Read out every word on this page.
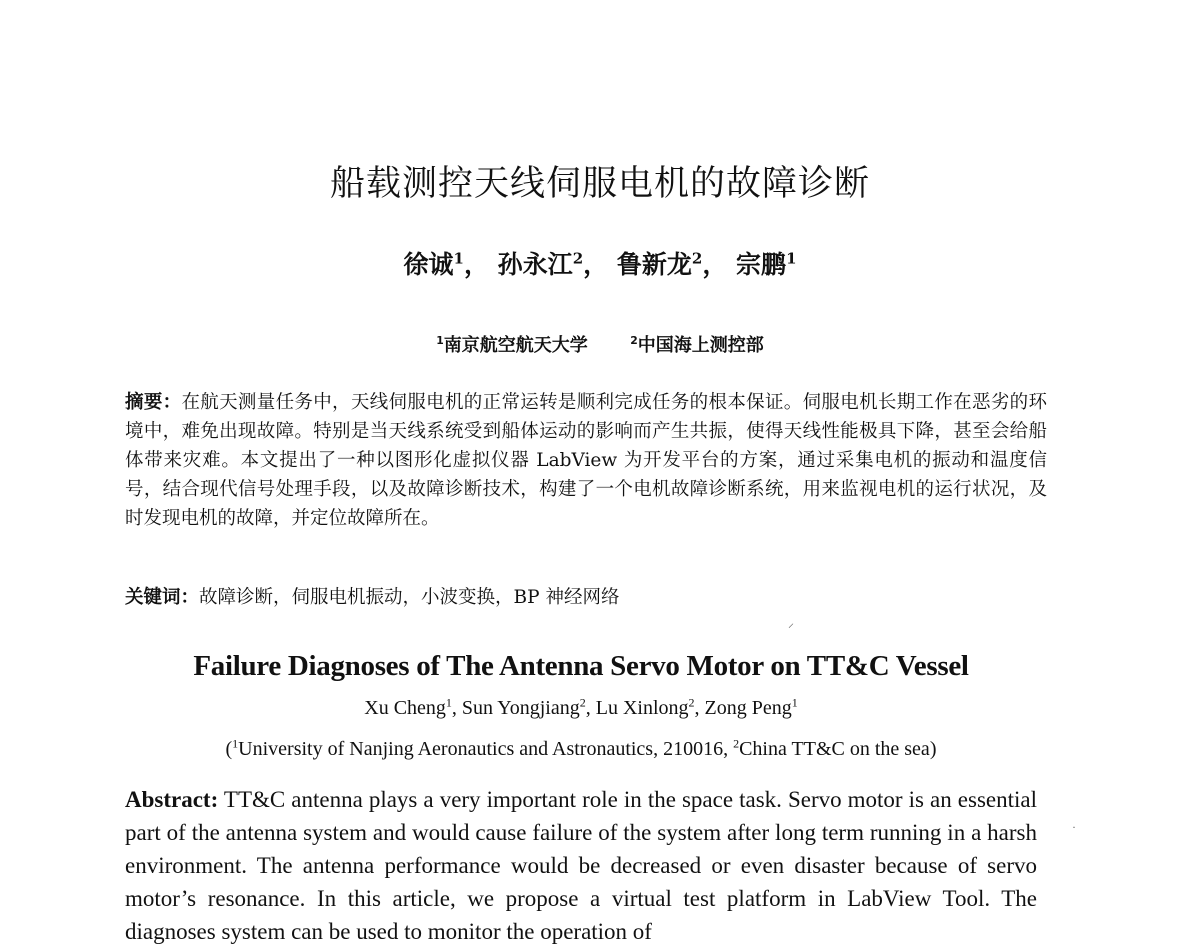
船载测控天线伺服电机的故障诊断
徐诚$^1$， 孙永江$^2$， 鲁新龙$^2$， 宗鹏$^1$
$^1$南京航空航天大学	$^2$中国海上测控部
摘要：在航天测量任务中，天线伺服电机的正常运转是顺利完成任务的根本保证。伺服电机长期工作在恶劣的环境中，难免出现故障。特别是当天线系统受到船体运动的影响而产生共振，使得天线性能极具下降，甚至会给船体带来灾难。本文提出了一种以图形化虚拟仪器 LabView 为开发平台的方案，通过采集电机的振动和温度信号，结合现代信号处理手段，以及故障诊断技术，构建了一个电机故障诊断系统，用来监视电机的运行状况，及时发现电机的故障，并定位故障所在。
关键词：故障诊断，伺服电机振动，小波变换，BP 神经网络
⸝
·
Failure Diagnoses of The Antenna Servo Motor on TT&C Vessel
Xu Cheng$^1$, Sun Yongjiang$^2$, Lu Xinlong$^2$, Zong Peng$^1$
($^1$University of Nanjing Aeronautics and Astronautics, 210016, $^2$China TT&C on the sea)
Abstract: TT&C antenna plays a very important role in the space task. Servo motor is an essential part of the antenna system and would cause failure of the system after long term running in a harsh environment. The antenna performance would be decreased or even disaster because of servo motor’s resonance. In this article, we propose a virtual test platform in LabView Tool. The diagnoses system can be used to monitor the operation of
